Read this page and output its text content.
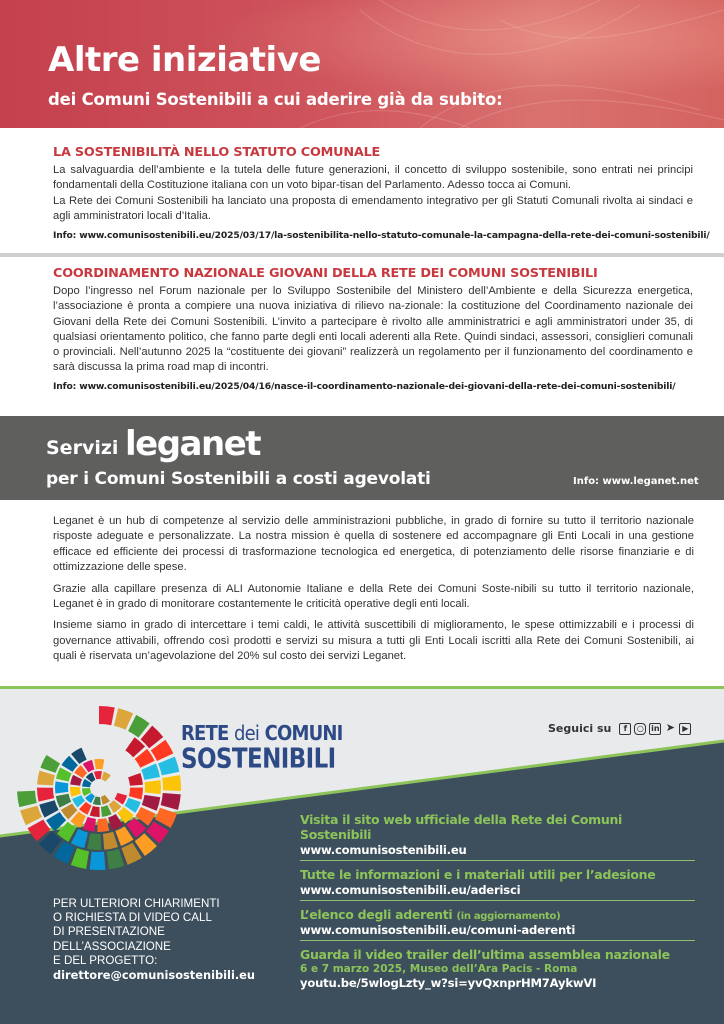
Altre iniziative
dei Comuni Sostenibili a cui aderire già da subito:
LA SOSTENIBILITÀ NELLO STATUTO COMUNALE

La salvaguardia dell’ambiente e la tutela delle future generazioni, il concetto di sviluppo sostenibile, sono entrati nei principi fondamentali della Costituzione italiana con un voto bipar-tisan del Parlamento. Adesso tocca ai Comuni.

La Rete dei Comuni Sostenibili ha lanciato una proposta di emendamento integrativo per gli Statuti Comunali rivolta ai sindaci e agli amministratori locali d’Italia.

Info: www.comunisostenibili.eu/2025/03/17/la-sostenibilita-nello-statuto-comunale-la-campagna-della-rete-dei-comuni-sostenibili/
COORDINAMENTO NAZIONALE GIOVANI DELLA RETE DEI COMUNI SOSTENIBILI

Dopo l’ingresso nel Forum nazionale per lo Sviluppo Sostenibile del Ministero dell’Ambiente e della Sicurezza energetica, l’associazione è pronta a compiere una nuova iniziativa di rilievo na-zionale: la costituzione del Coordinamento nazionale dei Giovani della Rete dei Comuni Sostenibili. L’invito a partecipare è rivolto alle amministratrici e agli amministratori under 35, di qualsiasi orientamento politico, che fanno parte degli enti locali aderenti alla Rete. Quindi sindaci, assessori, consiglieri comunali o provinciali. Nell’autunno 2025 la “costituente dei giovani” realizzerà un regolamento per il funzionamento del coordinamento e sarà discussa la prima road map di incontri.

Info: www.comunisostenibili.eu/2025/04/16/nasce-il-coordinamento-nazionale-dei-giovani-della-rete-dei-comuni-sostenibili/
Servizi leganet
per i Comuni Sostenibili a costi agevolati	Info: www.leganet.net

Leganet è un hub di competenze al servizio delle amministrazioni pubbliche, in grado di fornire su tutto il territorio nazionale risposte adeguate e personalizzate. La nostra mission è quella di sostenere ed accompagnare gli Enti Locali in una gestione efficace ed efficiente dei processi di trasformazione tecnologica ed energetica, di potenziamento delle risorse finanziarie e di ottimizzazione delle spese.

Grazie alla capillare presenza di ALI Autonomie Italiane e della Rete dei Comuni Soste-nibili su tutto il territorio nazionale, Leganet è in grado di monitorare costantemente le criticità operative degli enti locali.

Insieme siamo in grado di intercettare i temi caldi, le attività suscettibili di miglioramento, le spese ottimizzabili e i processi di governance attivabili, offrendo così prodotti e servizi su misura a tutti gli Enti Locali iscritti alla Rete dei Comuni Sostenibili, ai quali è riservata un’agevolazione del 20% sul costo dei servizi Leganet.

RETE dei COMUNI
SOSTENIBILI
Seguici su	f	○ in ➤ ▶
Visita il sito web ufficiale della Rete dei Comuni Sostenibili
www.comunisostenibili.eu
Tutte le informazioni e i materiali utili per l’adesione
www.comunisostenibili.eu/aderisci
L’elenco degli aderenti (in aggiornamento)
www.comunisostenibili.eu/comuni-aderenti
Guarda il video trailer dell’ultima assemblea nazionale
6 e 7 marzo 2025, Museo dell’Ara Pacis - Roma
youtu.be/5wlogLzty_w?si=yvQxnprHM7AykwVI
PER ULTERIORI CHIARIMENTI
O RICHIESTA DI VIDEO CALL
DI PRESENTAZIONE
DELL’ASSOCIAZIONE
E DEL PROGETTO:
direttore@comunisostenibili.eu
